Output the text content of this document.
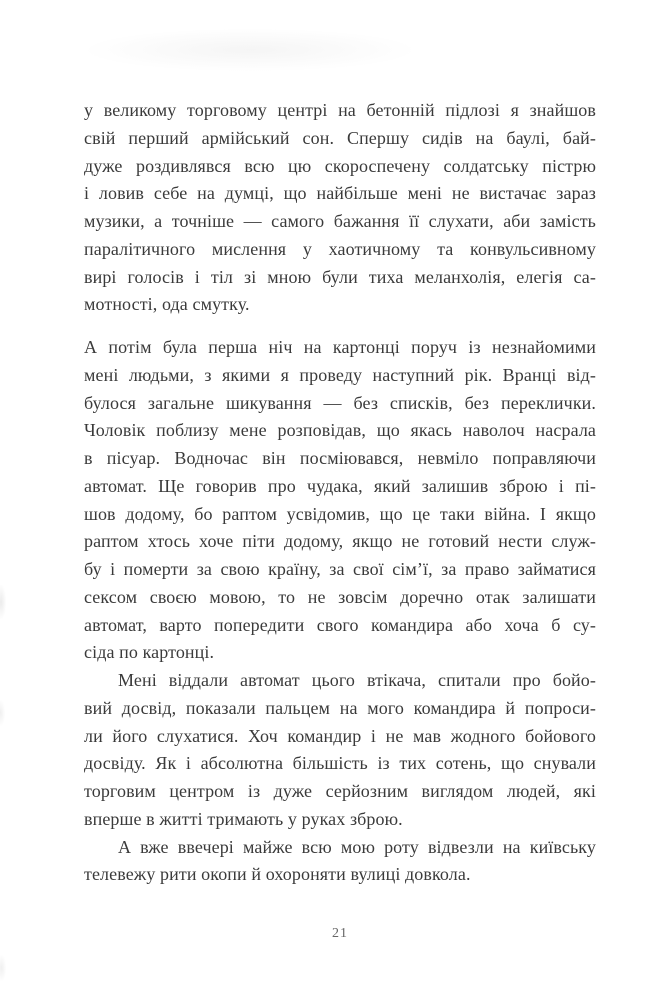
у великому торговому центрі на бетонній підлозі я знайшов
свій перший армійський сон. Спершу сидів на баулі, бай-
дуже роздивлявся всю цю скороспечену солдатську пістрю
і ловив себе на думці, що найбільше мені не вистачає зараз
музики, а точніше — самого бажання її слухати, аби замість
паралітичного мислення у хаотичному та конвульсивному
вирі голосів і тіл зі мною були тиха меланхолія, елегія са-
мотності, ода смутку.
А потім була перша ніч на картонці поруч із незнайомими
мені людьми, з якими я проведу наступний рік. Вранці від-
булося загальне шикування — без списків, без переклички.
Чоловік поблизу мене розповідав, що якась наволоч насрала
в пісуар. Водночас він посміювався, невміло поправляючи
автомат. Ще говорив про чудака, який залишив зброю і пі-
шов додому, бо раптом усвідомив, що це таки війна. І якщо
раптом хтось хоче піти додому, якщо не готовий нести служ-
бу і померти за свою країну, за свої сім’ї, за право займатися
сексом своєю мовою, то не зовсім доречно отак залишати
автомат, варто попередити свого командира або хоча б су-
сіда по картонці.
Мені віддали автомат цього втікача, спитали про бойо-
вий досвід, показали пальцем на мого командира й попроси-
ли його слухатися. Хоч командир і не мав жодного бойового
досвіду. Як і абсолютна більшість із тих сотень, що снували
торговим центром із дуже серйозним виглядом людей, які
вперше в житті тримають у руках зброю.
А вже ввечері майже всю мою роту відвезли на київську
телевежу рити окопи й охороняти вулиці довкола.
21
